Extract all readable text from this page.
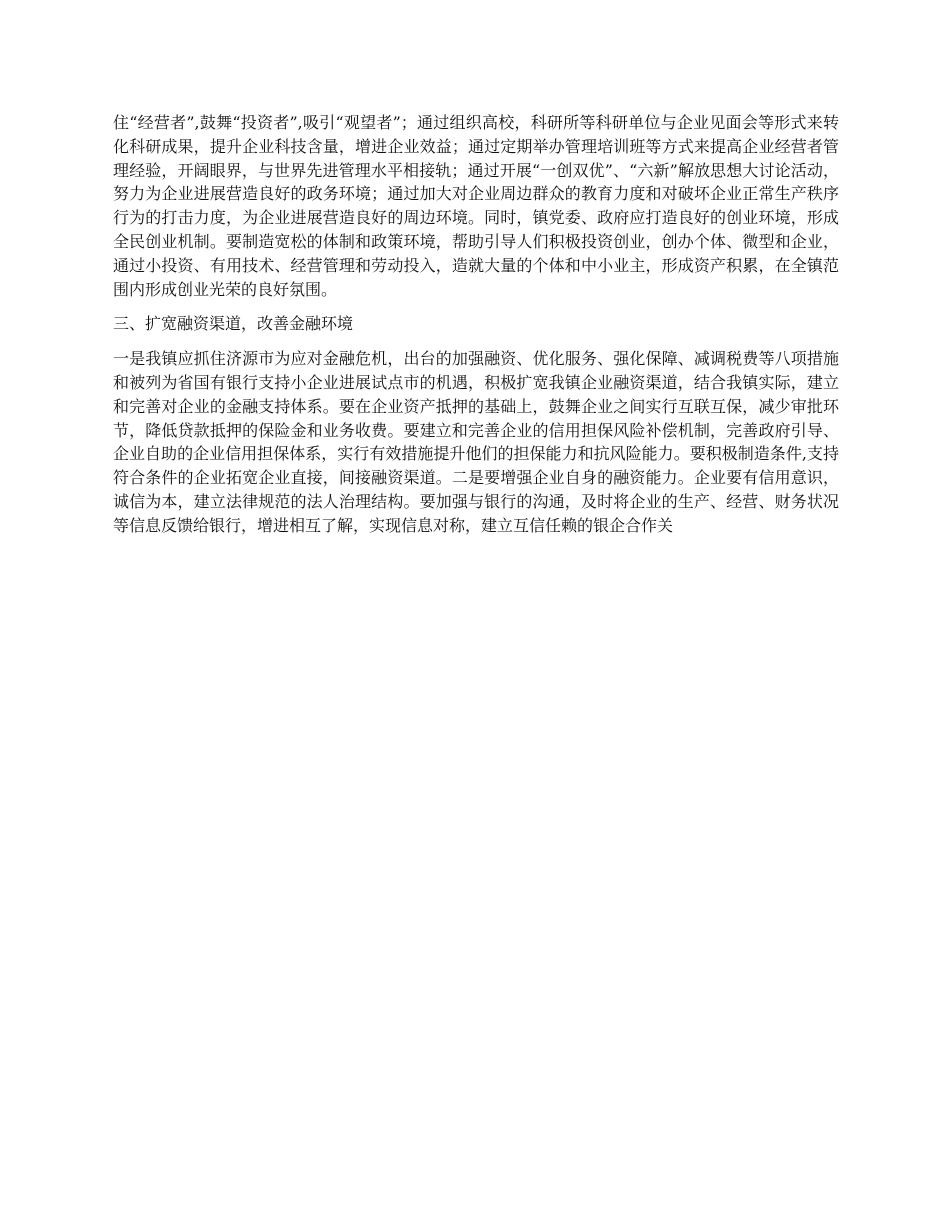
住“经营者”,鼓舞“投资者”,吸引“观望者”；通过组织高校，科研所等科研单位与企业见面会等形式来转化科研成果，提升企业科技含量，增进企业效益；通过定期举办管理培训班等方式来提高企业经营者管理经验，开阔眼界，与世界先进管理水平相接轨；通过开展“一创双优”、“六新”解放思想大讨论活动，努力为企业进展营造良好的政务环境；通过加大对企业周边群众的教育力度和对破坏企业正常生产秩序行为的打击力度，为企业进展营造良好的周边环境。同时，镇党委、政府应打造良好的创业环境，形成全民创业机制。要制造宽松的体制和政策环境，帮助引导人们积极投资创业，创办个体、微型和企业，通过小投资、有用技术、经营管理和劳动投入，造就大量的个体和中小业主，形成资产积累，在全镇范围内形成创业光荣的良好氛围。

三、扩宽融资渠道，改善金融环境

一是我镇应抓住济源市为应对金融危机，出台的加强融资、优化服务、强化保障、减调税费等八项措施和被列为省国有银行支持小企业进展试点市的机遇，积极扩宽我镇企业融资渠道，结合我镇实际，建立和完善对企业的金融支持体系。要在企业资产抵押的基础上，鼓舞企业之间实行互联互保，减少审批环节，降低贷款抵押的保险金和业务收费。要建立和完善企业的信用担保风险补偿机制，完善政府引导、企业自助的企业信用担保体系，实行有效措施提升他们的担保能力和抗风险能力。要积极制造条件,支持符合条件的企业拓宽企业直接，间接融资渠道。二是要增强企业自身的融资能力。企业要有信用意识，诚信为本，建立法律规范的法人治理结构。要加强与银行的沟通，及时将企业的生产、经营、财务状况等信息反馈给银行，增进相互了解，实现信息对称，建立互信任赖的银企合作关
